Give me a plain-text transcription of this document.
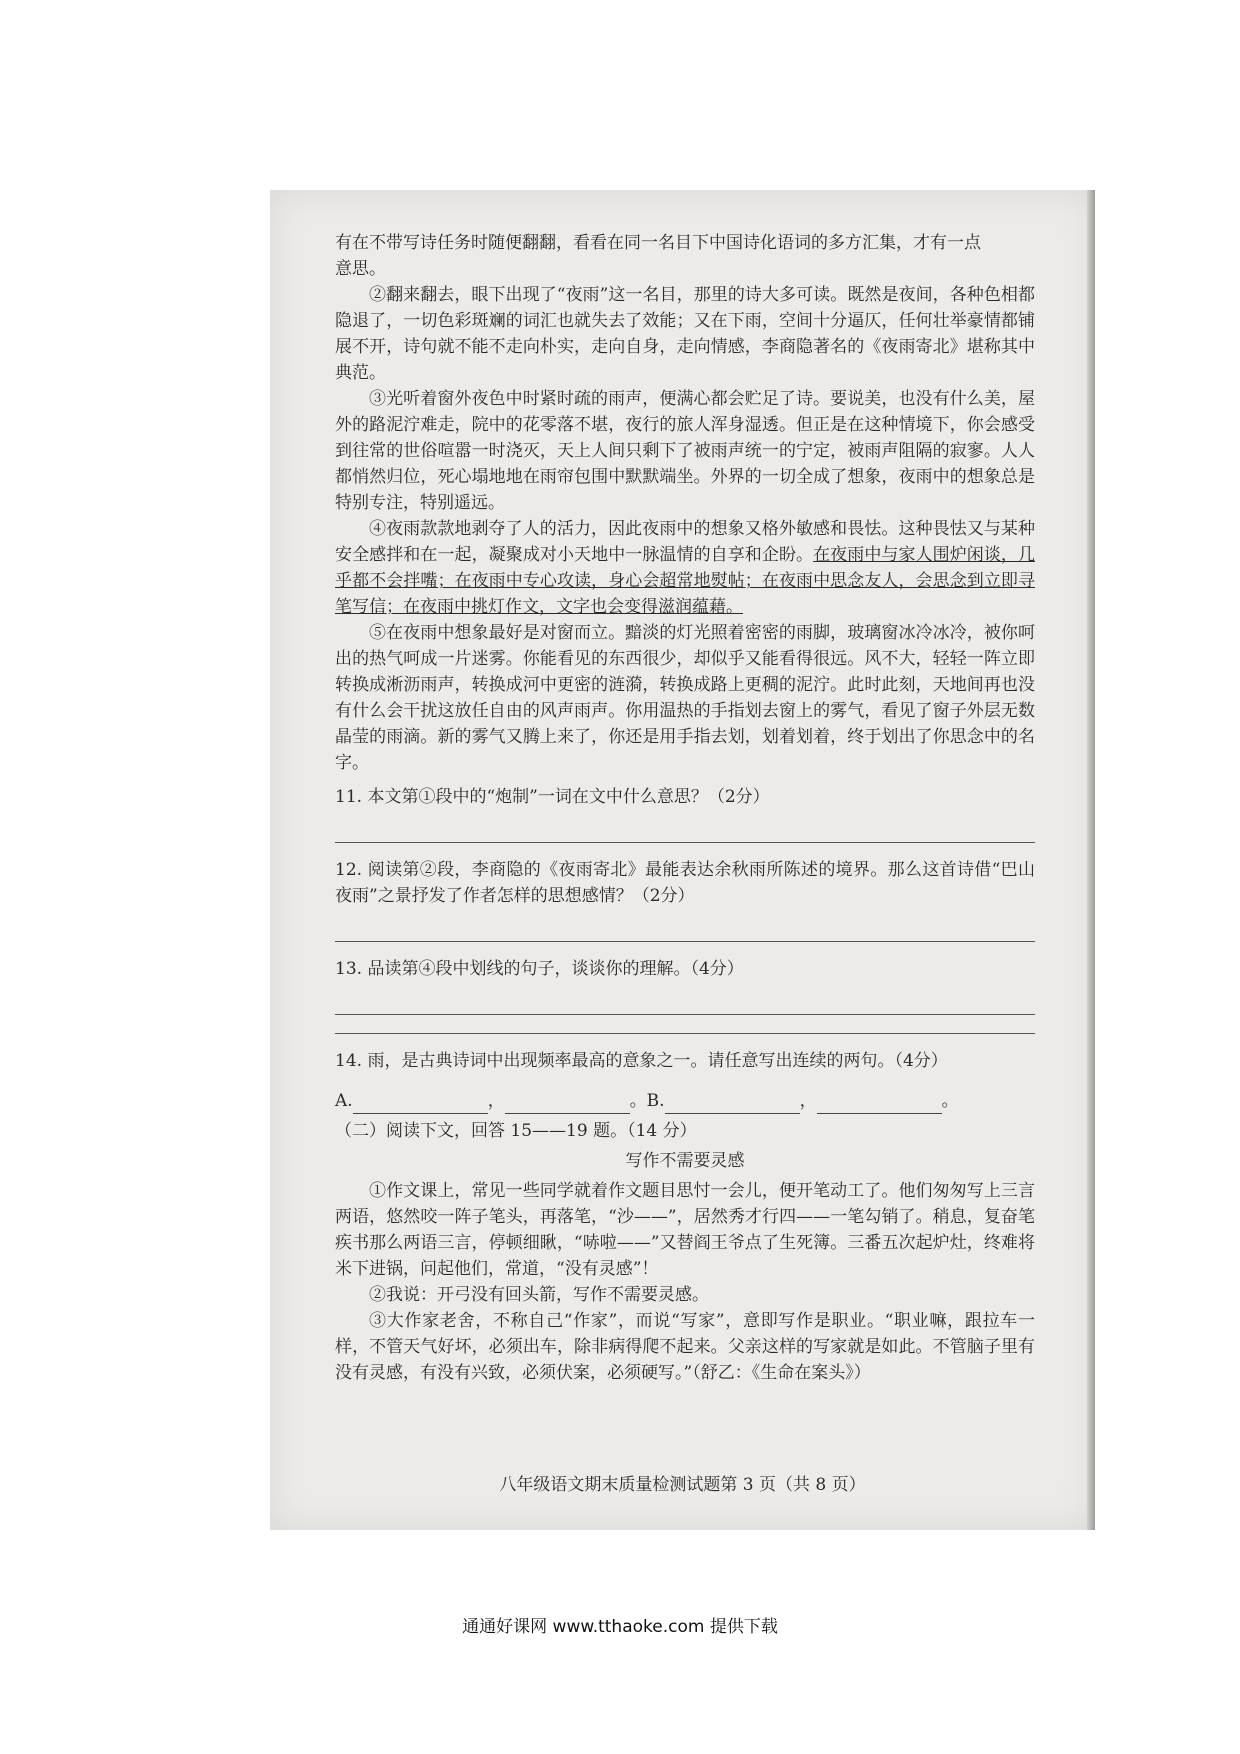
有在不带写诗任务时随便翻翻，看看在同一名目下中国诗化语词的多方汇集，才有一点

意思。

②翻来翻去，眼下出现了“夜雨”这一名目，那里的诗大多可读。既然是夜间，各种色相都隐退了，一切色彩斑斓的词汇也就失去了效能；又在下雨，空间十分逼仄，任何壮举豪情都铺展不开，诗句就不能不走向朴实，走向自身，走向情感，李商隐著名的《夜雨寄北》堪称其中典范。

③光听着窗外夜色中时紧时疏的雨声，便满心都会贮足了诗。要说美，也没有什么美，屋外的路泥泞难走，院中的花零落不堪，夜行的旅人浑身湿透。但正是在这种情境下，你会感受到往常的世俗喧嚣一时浇灭，天上人间只剩下了被雨声统一的宁定，被雨声阻隔的寂寥。人人都悄然归位，死心塌地地在雨帘包围中默默端坐。外界的一切全成了想象，夜雨中的想象总是特别专注，特别遥远。

④夜雨款款地剥夺了人的活力，因此夜雨中的想象又格外敏感和畏怯。这种畏怯又与某种安全感拌和在一起，凝聚成对小天地中一脉温情的自享和企盼。在夜雨中与家人围炉闲谈，几乎都不会拌嘴；在夜雨中专心攻读，身心会超常地熨帖；在夜雨中思念友人，会思念到立即寻笔写信；在夜雨中挑灯作文，文字也会变得滋润蕴藉。

⑤在夜雨中想象最好是对窗而立。黯淡的灯光照着密密的雨脚，玻璃窗冰冷冰冷，被你呵出的热气呵成一片迷雾。你能看见的东西很少，却似乎又能看得很远。风不大，轻轻一阵立即转换成淅沥雨声，转换成河中更密的涟漪，转换成路上更稠的泥泞。此时此刻，天地间再也没有什么会干扰这放任自由的风声雨声。你用温热的手指划去窗上的雾气，看见了窗子外层无数晶莹的雨滴。新的雾气又腾上来了，你还是用手指去划，划着划着，终于划出了你思念中的名字。

11. 本文第①段中的“炮制”一词在文中什么意思？（2分）

12. 阅读第②段，李商隐的《夜雨寄北》最能表达余秋雨所陈述的境界。那么这首诗借“巴山夜雨”之景抒发了作者怎样的思想感情？（2分）

13. 品读第④段中划线的句子，谈谈你的理解。（4分）

14. 雨，是古典诗词中出现频率最高的意象之一。请任意写出连续的两句。（4分）

A.	，	。B.	，	。

（二）阅读下文，回答 15——19 题。（14 分）

写作不需要灵感

①作文课上，常见一些同学就着作文题目思忖一会儿，便开笔动工了。他们匆匆写上三言两语，悠然咬一阵子笔头，再落笔，“沙——”，居然秀才行四——一笔勾销了。稍息，复奋笔疾书那么两语三言，停顿细瞅，“哧啦——”又替阎王爷点了生死簿。三番五次起炉灶，终难将米下进锅，问起他们，常道，“没有灵感”！

②我说：开弓没有回头箭，写作不需要灵感。

③大作家老舍，不称自己“作家”，而说“写家”，意即写作是职业。“职业嘛，跟拉车一样，不管天气好坏，必须出车，除非病得爬不起来。父亲这样的写家就是如此。不管脑子里有没有灵感，有没有兴致，必须伏案，必须硬写。”（舒乙：《生命在案头》）

八年级语文期末质量检测试题第 3 页（共 8 页）
通通好课网 www.tthaoke.com 提供下载
